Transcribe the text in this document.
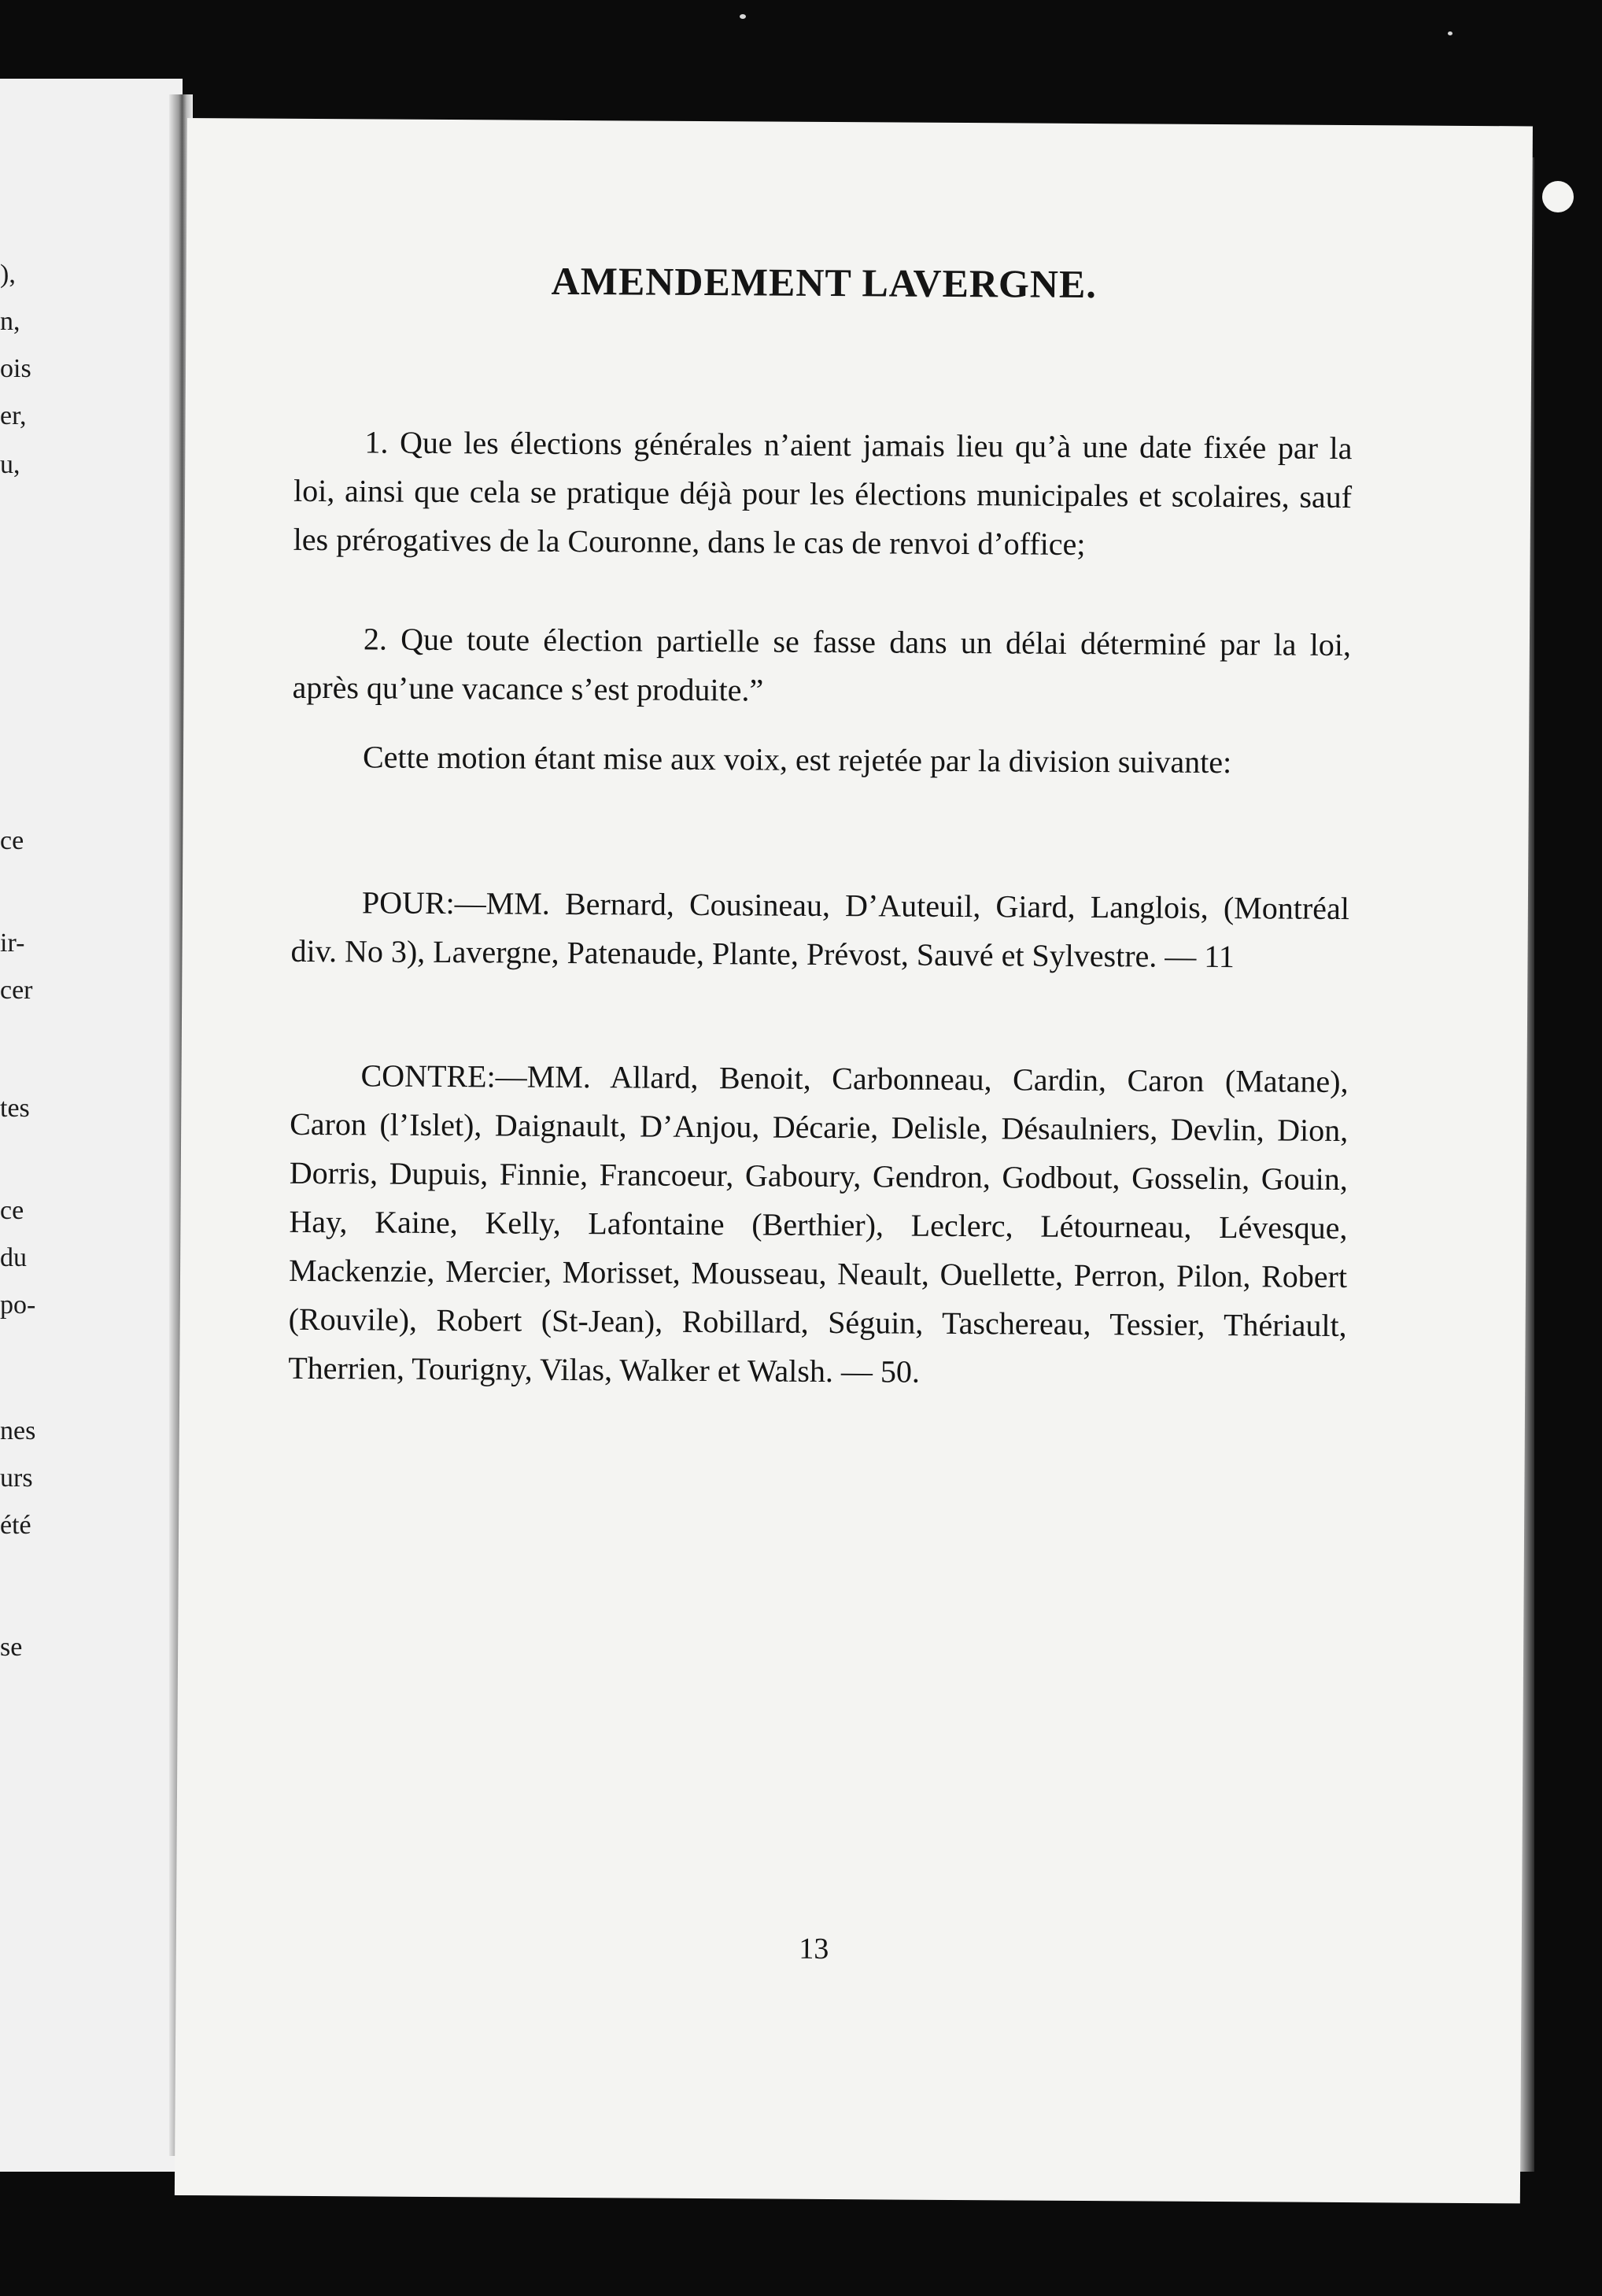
),
n,
ois
er,
u,
ce
ir-
cer
tes
ce
du
po-
nes
urs
été
se
AMENDEMENT LAVERGNE.

1. Que les élections générales n’aient jamais lieu qu’à une date fixée par la loi, ainsi que cela se pratique déjà pour les élections municipales et scolaires, sauf les prérogatives de la Couronne, dans le cas de renvoi d’office;

2. Que toute élection partielle se fasse dans un délai déterminé par la loi, après qu’une vacance s’est produite.”

Cette motion étant mise aux voix, est rejetée par la division suivante:

POUR:—MM. Bernard, Cousineau, D’Auteuil, Giard, Langlois, (Montréal div. No 3), Lavergne, Patenaude, Plante, Prévost, Sauvé et Sylvestre. — 11

CONTRE:—MM. Allard, Benoit, Carbonneau, Cardin, Caron (Matane), Caron (l’Islet), Daignault, D’Anjou, Décarie, Delisle, Désaulniers, Devlin, Dion, Dorris, Dupuis, Finnie, Francoeur, Gaboury, Gendron, Godbout, Gosselin, Gouin, Hay, Kaine, Kelly, Lafontaine (Berthier), Leclerc, Létourneau, Lévesque, Mackenzie, Mercier, Morisset, Mousseau, Neault, Ouellette, Perron, Pilon, Robert (Rouvile), Robert (St-Jean), Robillard, Séguin, Taschereau, Tessier, Thériault, Therrien, Tourigny, Vilas, Walker et Walsh. — 50.

13
